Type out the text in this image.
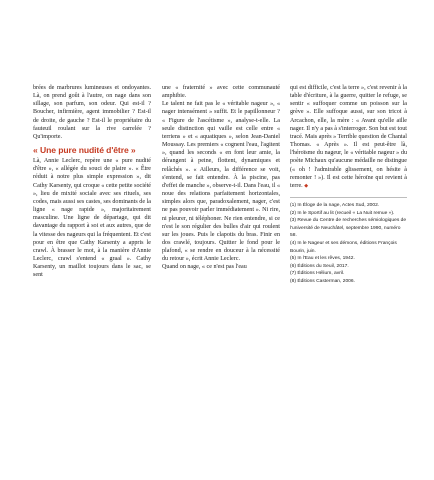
brées de marbrures lumineuses et ondoyantes. Là, on prend goût à l'autre, on nage dans son sillage, son parfum, son odeur. Qui est-il ? Boucher, infirmière, agent immobilier ? Est-il de droite, de gauche ? Est-il le propriétaire du fauteuil roulant sur la rive carrelée ? Qu'importe.

« Une pure nudité d'être »

Là, Annie Leclerc, repère une « pure nudité d'être », « allégée du souci de plaire ». « Être réduit à notre plus simple expression », dit Cathy Karsenty, qui croque « cette petite société », lieu de mixité sociale avec ses rituels, ses codes, mais aussi ses castes, ses dominants de la ligne « nage rapide », majoritairement masculine. Une ligne de départage, qui dit davantage du rapport à soi et aux autres, que de la vitesse des nageurs qui la fréquentent. Et c'est pour en être que Cathy Karsenty a appris le crawl. À brasser le mot, à la manière d'Annie Leclerc, crawl s'entend « graal ». Cathy Karsenty, un maillot toujours dans le sac, se sent

une « fraternité » avec cette communauté amphibie.

Le talent ne fait pas le « véritable nageur », « nager intensément » suffit. Et le papillonneur ? « Figure de l'ascétisme », analyse-t-elle. La seule distinction qui vaille est celle entre « terriens » et « aquatiques », selon Jean-Daniel Moussay. Les premiers « cognent l'eau, l'agitent », quand les seconds « en font leur amie, la dérangent à peine, flottent, dynamiques et relâchés ». « Ailleurs, la différence se voit, s'entend, se fait entendre. À la piscine, pas d'effet de manche », observe-t-il. Dans l'eau, il « noue des relations parfaitement horizontales, simples alors que, paradoxalement, nager, c'est ne pas pouvoir parler immédiatement ». Ni rire, ni pleurer, ni téléphoner. Ne rien entendre, si ce n'est le son régulier des bulles d'air qui roulent sur les joues. Puis le clapotis du bras. Finir en dos crawlé, toujours. Quitter le fond pour le plafond, « se rendre en douceur à la nécessité du retour », écrit Annie Leclerc.

Quand on nage, « ce n'est pas l'eau

qui est difficile, c'est la terre », c'est revenir à la table d'écriture, à la guerre, quitter le refuge, se sentir « suffoquer comme un poisson sur la grève ». Elle suffoque aussi, sur son tricot à Arcachon, elle, la mère : « Avant qu'elle aille nager. Il n'y a pas à s'interroger. Son but est tout tracé. Mais après » Terrible question de Chantal Thomas. « Après ». Il est peut-être là, l'héroïsme du nageur, le « véritable nageur » du poète Michaux qu'aucune médaille ne distingue (« oh ! l'admirable glissement, on hésite à remonter ! »). Il est cette héroïne qui revient à terre. ◆

(1) In Éloge de la nage, Actes Sud, 2002.
(2) In le Sportif au lit (recueil « La Nuit remue »).
(3) Revue du Centre de recherches sémiologiques de l'université de Neuchâtel, septembre 1990, numéro 58.
(4) In le Nageur et ses démons, éditions François Bourin, juin.
(5) In l'Eau et les rêves, 1942.
(6) Éditions du Seuil, 2017.
(7) Éditions Hélium, avril.
(8) Éditions Casterman, 2006.
